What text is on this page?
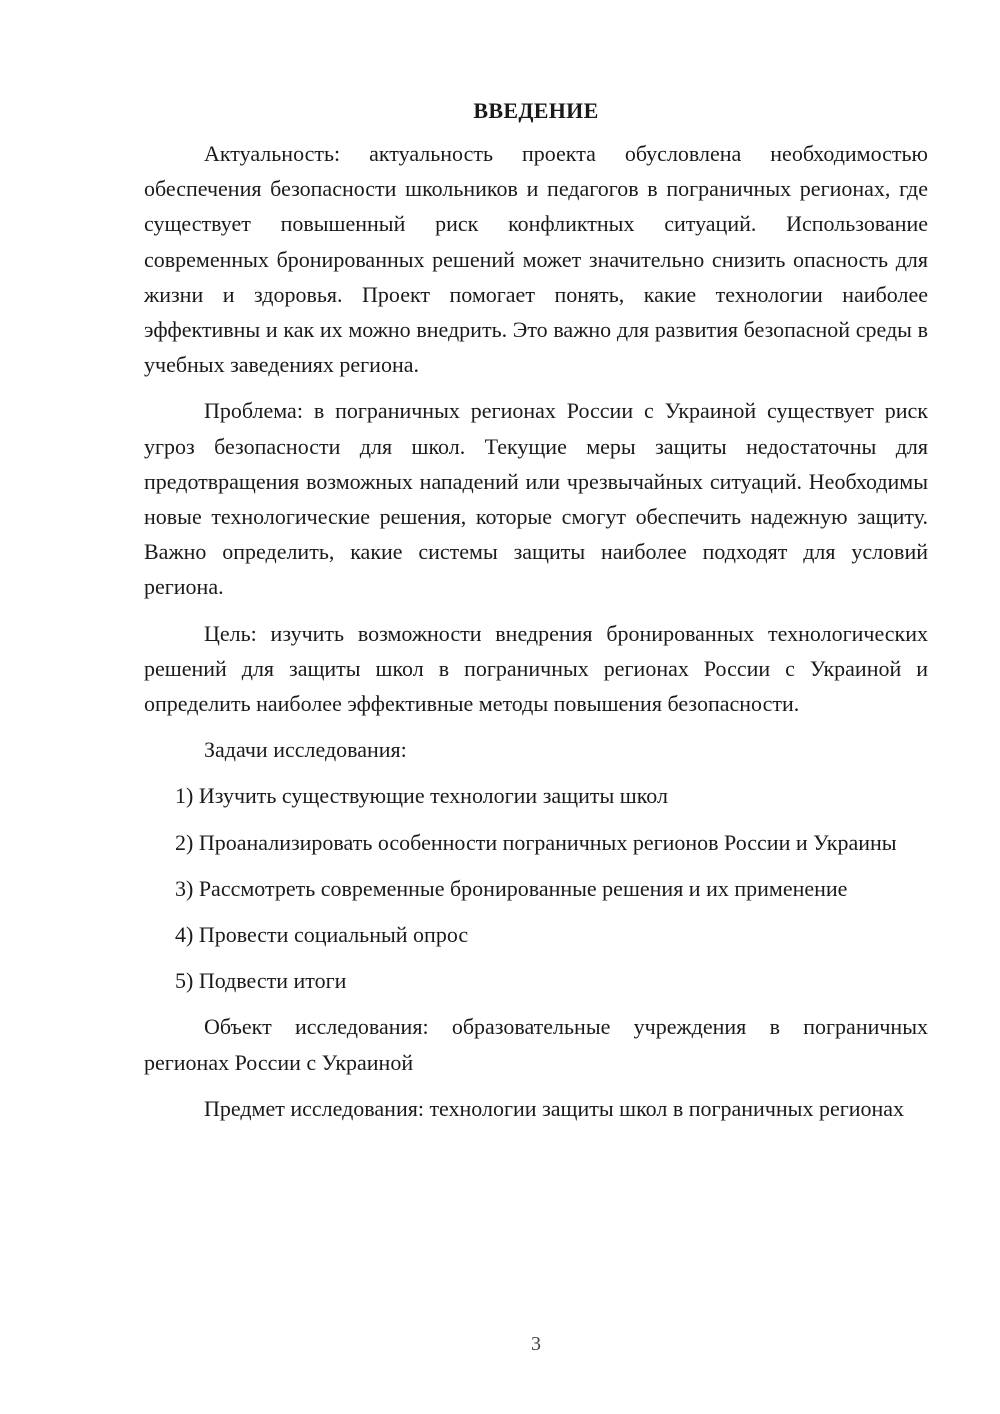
ВВЕДЕНИЕ

Актуальность: актуальность проекта обусловлена необходимостью обеспечения безопасности школьников и педагогов в пограничных регионах, где существует повышенный риск конфликтных ситуаций. Использование современных бронированных решений может значительно снизить опасность для жизни и здоровья. Проект помогает понять, какие технологии наиболее эффективны и как их можно внедрить. Это важно для развития безопасной среды в учебных заведениях региона.

Проблема: в пограничных регионах России с Украиной существует риск угроз безопасности для школ. Текущие меры защиты недостаточны для предотвращения возможных нападений или чрезвычайных ситуаций. Необходимы новые технологические решения, которые смогут обеспечить надежную защиту. Важно определить, какие системы защиты наиболее подходят для условий региона.

Цель: изучить возможности внедрения бронированных технологических решений для защиты школ в пограничных регионах России с Украиной и определить наиболее эффективные методы повышения безопасности.

Задачи исследования:

1) Изучить существующие технологии защиты школ

2) Проанализировать особенности пограничных регионов России и Украины

3) Рассмотреть современные бронированные решения и их применение

4) Провести социальный опрос

5) Подвести итоги

Объект исследования: образовательные учреждения в пограничных регионах России с Украиной

Предмет исследования: технологии защиты школ в пограничных регионах

3
